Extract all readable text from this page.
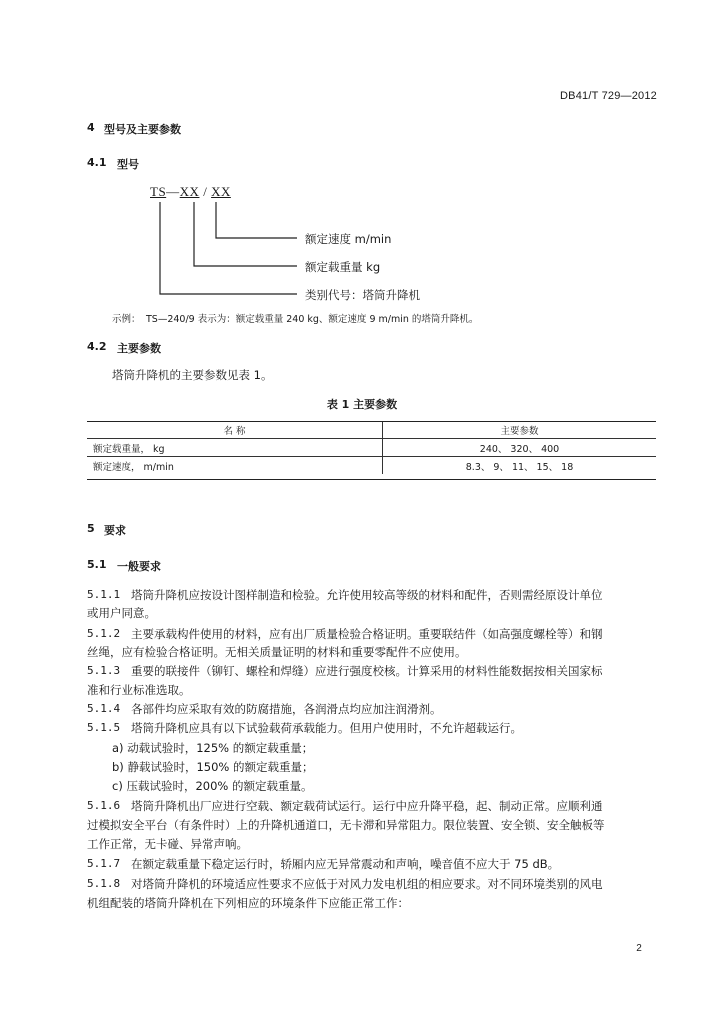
DB41/T 729—2012
4 型号及主要参数
4.1 型号
TS—XX / XX
额定速度 m/min
额定载重量 kg
类别代号：塔筒升降机
示例： TS—240/9 表示为：额定载重量 240 kg、额定速度 9 m/min 的塔筒升降机。
4.2 主要参数
塔筒升降机的主要参数见表 1。
表 1 主要参数
名 称	主要参数
额定载重量， kg	240、 320、 400
额定速度， m/min	8.3、 9、 11、 15、 18
5 要求
5.1 一般要求
5.1.1 塔筒升降机应按设计图样制造和检验。允许使用较高等级的材料和配件，否则需经原设计单位
或用户同意。
5.1.2 主要承载构件使用的材料，应有出厂质量检验合格证明。重要联结件（如高强度螺栓等）和钢
丝绳，应有检验合格证明。无相关质量证明的材料和重要零配件不应使用。
5.1.3 重要的联接件（铆钉、螺栓和焊缝）应进行强度校核。计算采用的材料性能数据按相关国家标
准和行业标准选取。
5.1.4 各部件均应采取有效的防腐措施，各润滑点均应加注润滑剂。
5.1.5 塔筒升降机应具有以下试验载荷承载能力。但用户使用时，不允许超载运行。
a) 动载试验时，125% 的额定载重量；
b) 静载试验时，150% 的额定载重量；
c) 压载试验时，200% 的额定载重量。
5.1.6 塔筒升降机出厂应进行空载、额定载荷试运行。运行中应升降平稳，起、制动正常。应顺利通
过模拟安全平台（有条件时）上的升降机通道口，无卡滞和异常阻力。限位装置、安全锁、安全触板等
工作正常，无卡碰、异常声响。
5.1.7 在额定载重量下稳定运行时，轿厢内应无异常震动和声响，噪音值不应大于 75 dB。
5.1.8 对塔筒升降机的环境适应性要求不应低于对风力发电机组的相应要求。对不同环境类别的风电
机组配装的塔筒升降机在下列相应的环境条件下应能正常工作：
2
